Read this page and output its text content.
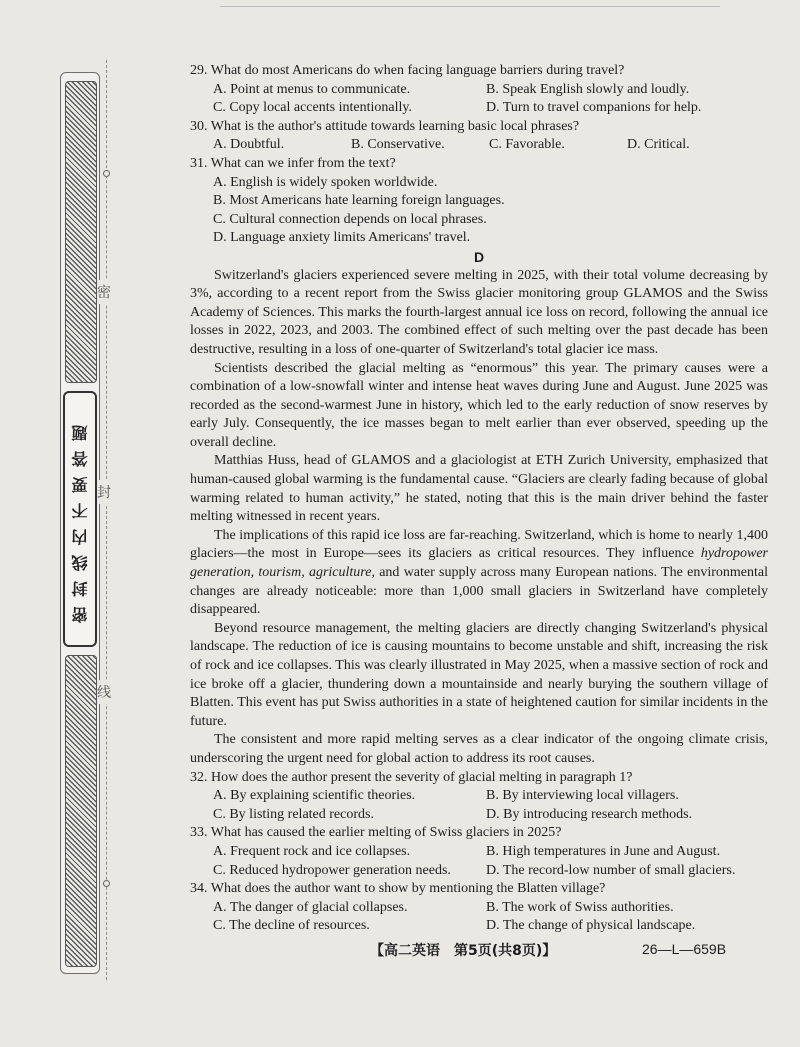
密封线内不要答题
密
封
线

29. What do most Americans do when facing language barriers during travel?

A. Point at menus to communicate.	B. Speak English slowly and loudly.
C. Copy local accents intentionally.	D. Turn to travel companions for help.

30. What is the author's attitude towards learning basic local phrases?

A. Doubtful.	B. Conservative.	C. Favorable.	D. Critical.

31. What can we infer from the text?

A. English is widely spoken worldwide.

B. Most Americans hate learning foreign languages.

C. Cultural connection depends on local phrases.

D. Language anxiety limits Americans' travel.

D

Switzerland's glaciers experienced severe melting in 2025, with their total volume decreasing by 3%, according to a recent report from the Swiss glacier monitoring group GLAMOS and the Swiss Academy of Sciences. This marks the fourth-largest annual ice loss on record, following the annual ice losses in 2022, 2023, and 2003. The combined effect of such melting over the past decade has been destructive, resulting in a loss of one-quarter of Switzerland's total glacier ice mass.

Scientists described the glacial melting as “enormous” this year. The primary causes were a combination of a low-snowfall winter and intense heat waves during June and August. June 2025 was recorded as the second-warmest June in history, which led to the early reduction of snow reserves by early July. Consequently, the ice masses began to melt earlier than ever observed, speeding up the overall decline.

Matthias Huss, head of GLAMOS and a glaciologist at ETH Zurich University, emphasized that human-caused global warming is the fundamental cause. “Glaciers are clearly fading because of global warming related to human activity,” he stated, noting that this is the main driver behind the faster melting witnessed in recent years.

The implications of this rapid ice loss are far-reaching. Switzerland, which is home to nearly 1,400 glaciers—the most in Europe—sees its glaciers as critical resources. They influence hydropower generation, tourism, agriculture, and water supply across many European nations. The environmental changes are already noticeable: more than 1,000 small glaciers in Switzerland have completely disappeared.

Beyond resource management, the melting glaciers are directly changing Switzerland's physical landscape. The reduction of ice is causing mountains to become unstable and shift, increasing the risk of rock and ice collapses. This was clearly illustrated in May 2025, when a massive section of rock and ice broke off a glacier, thundering down a mountainside and nearly burying the southern village of Blatten. This event has put Swiss authorities in a state of heightened caution for similar incidents in the future.

The consistent and more rapid melting serves as a clear indicator of the ongoing climate crisis, underscoring the urgent need for global action to address its root causes.

32. How does the author present the severity of glacial melting in paragraph 1?

A. By explaining scientific theories.	B. By interviewing local villagers.
C. By listing related records.	D. By introducing research methods.

33. What has caused the earlier melting of Swiss glaciers in 2025?

A. Frequent rock and ice collapses.	B. High temperatures in June and August.
C. Reduced hydropower generation needs.	D. The record-low number of small glaciers.

34. What does the author want to show by mentioning the Blatten village?

A. The danger of glacial collapses.	B. The work of Swiss authorities.
C. The decline of resources.	D. The change of physical landscape.
【高二英语　第5页(共8页)】	26—L—659B
